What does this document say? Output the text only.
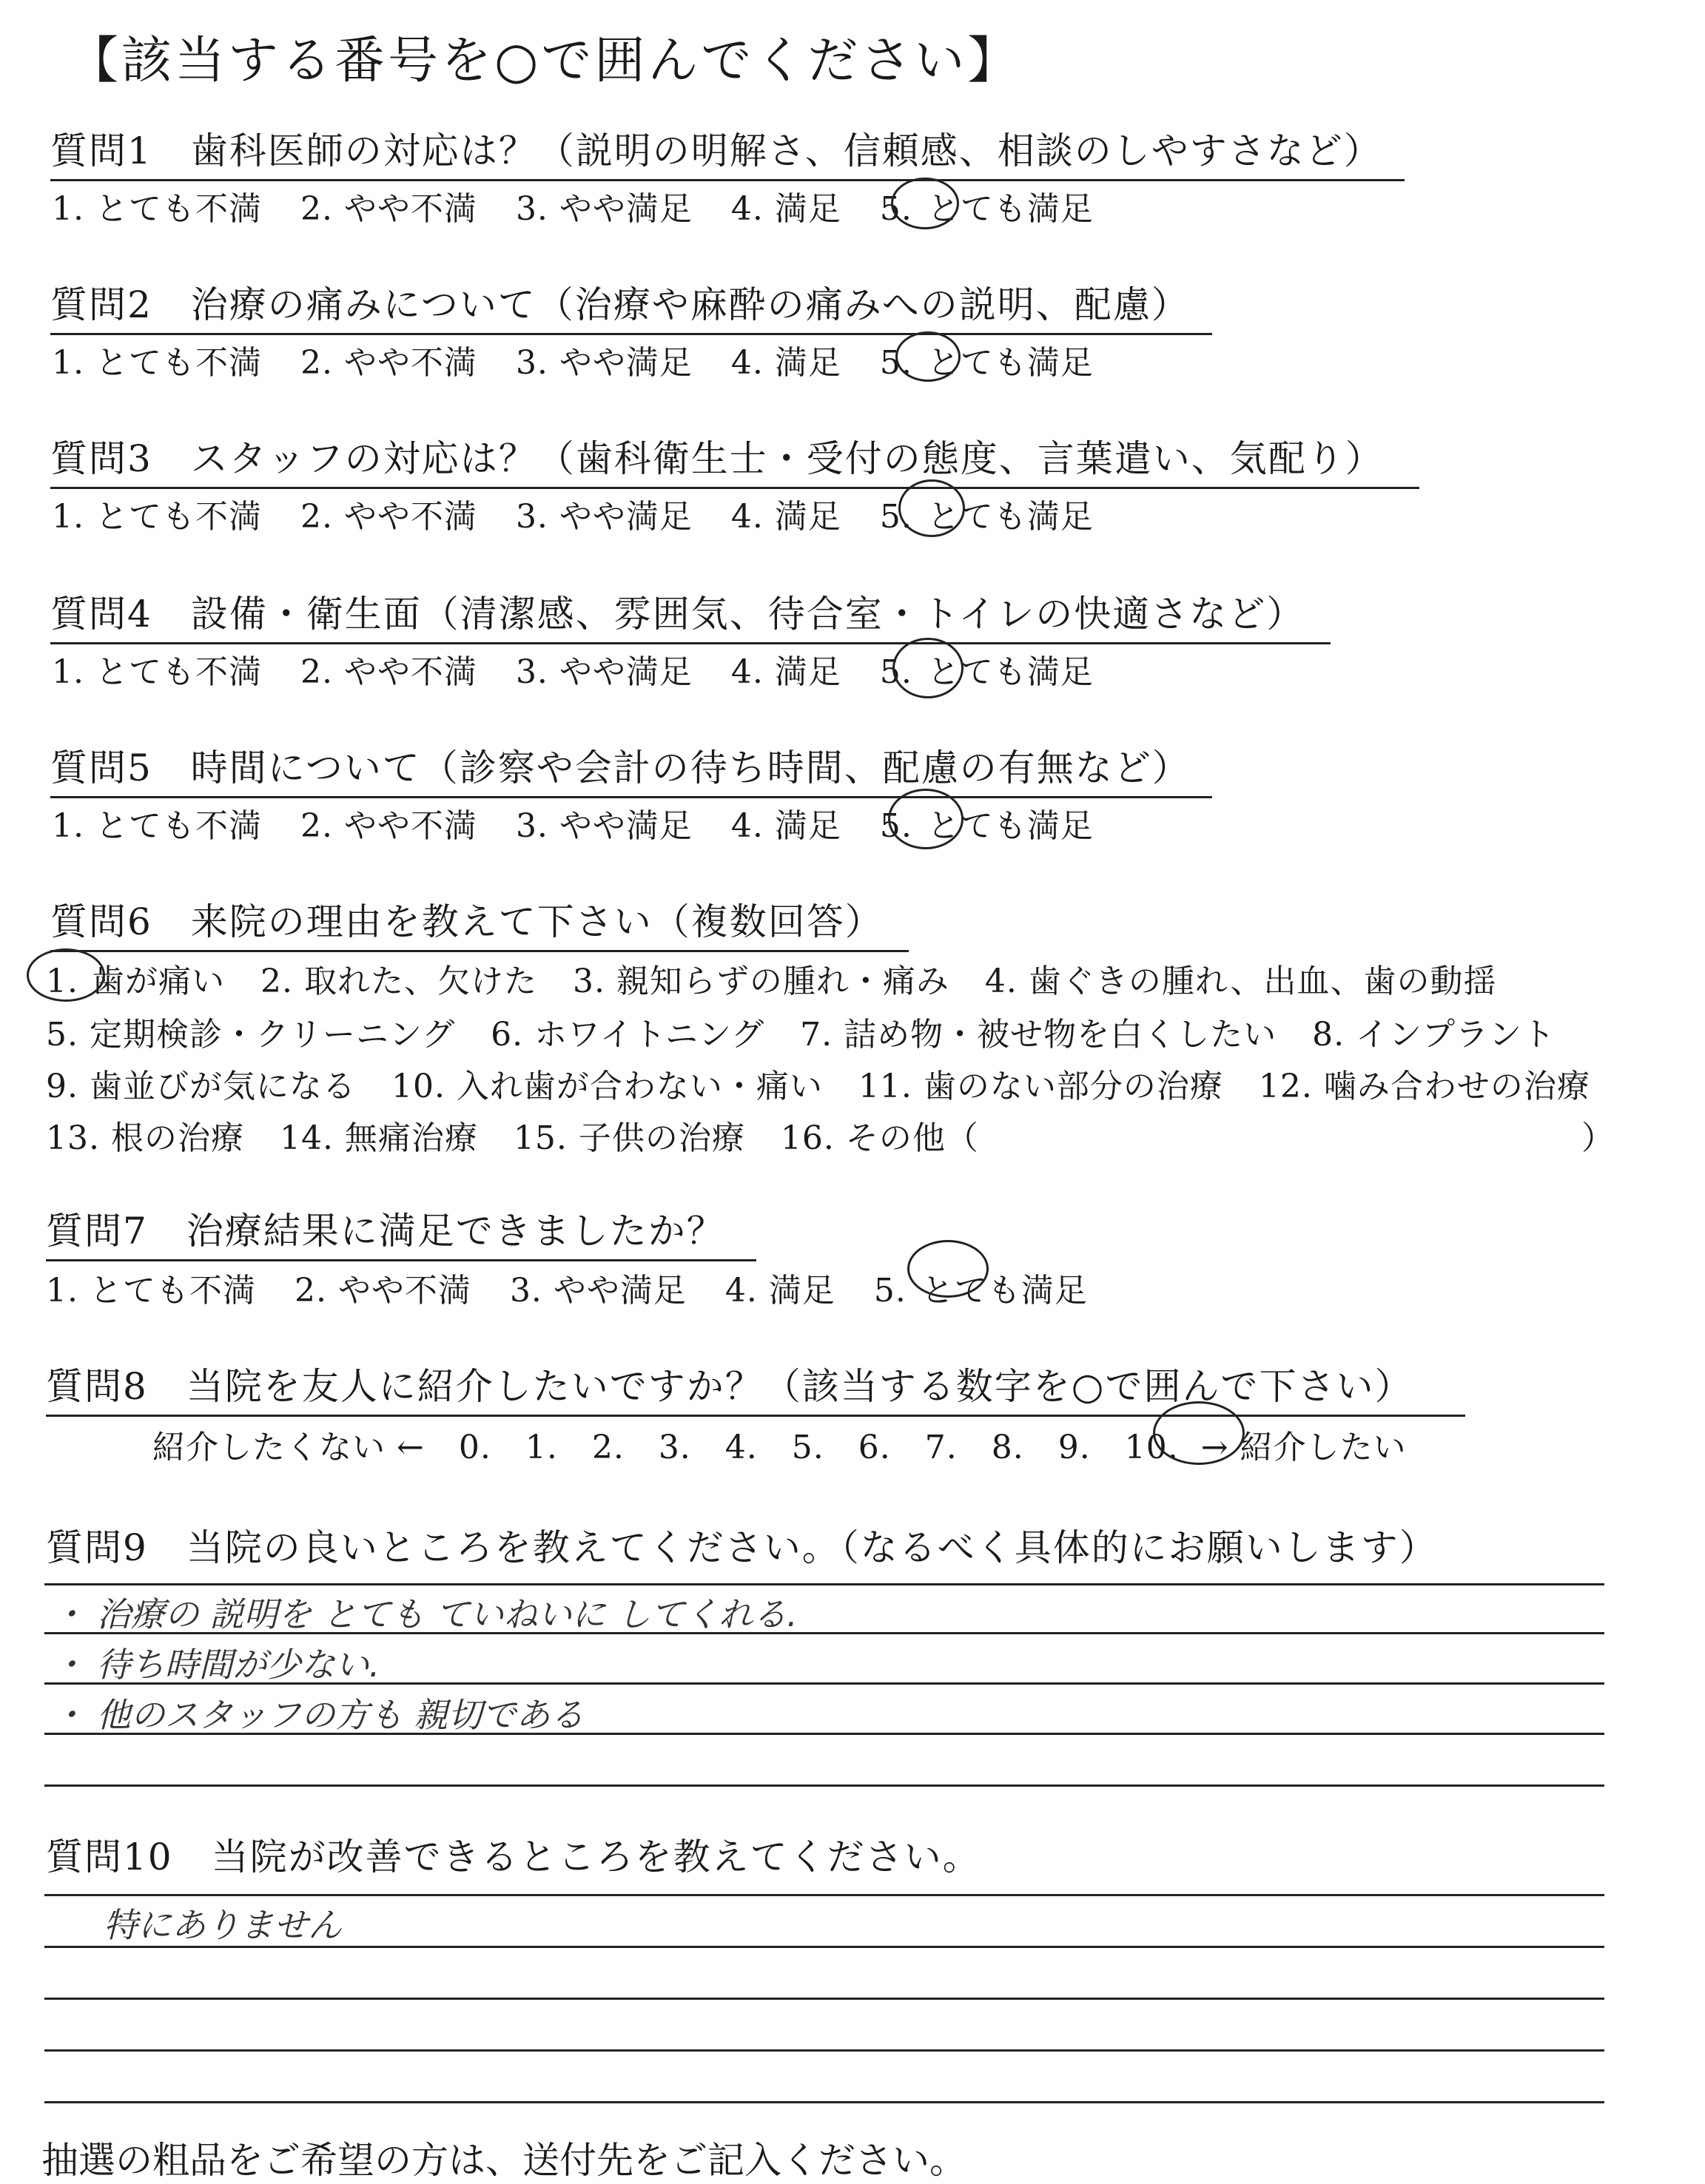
【該当する番号を○で囲んでください】
質問1　歯科医師の対応は？（説明の明解さ、信頼感、相談のしやすさなど）
1. とても不満 2. やや不満 3. やや満足 4. 満足 5. とても満足
質問2　治療の痛みについて（治療や麻酔の痛みへの説明、配慮）
1. とても不満 2. やや不満 3. やや満足 4. 満足 5. とても満足
質問3　スタッフの対応は？（歯科衛生士・受付の態度、言葉遣い、気配り）
1. とても不満 2. やや不満 3. やや満足 4. 満足 5. とても満足
質問4　設備・衛生面（清潔感、雰囲気、待合室・トイレの快適さなど）
1. とても不満 2. やや不満 3. やや満足 4. 満足 5. とても満足
質問5　時間について（診察や会計の待ち時間、配慮の有無など）
1. とても不満 2. やや不満 3. やや満足 4. 満足 5. とても満足
質問6　来院の理由を教えて下さい（複数回答）
1. 歯が痛い 2. 取れた、欠けた 3. 親知らずの腫れ・痛み 4. 歯ぐきの腫れ、出血、歯の動揺
5. 定期検診・クリーニング 6. ホワイトニング 7. 詰め物・被せ物を白くしたい 8. インプラント
9. 歯並びが気になる 10. 入れ歯が合わない・痛い 11. 歯のない部分の治療 12. 噛み合わせの治療
13. 根の治療 14. 無痛治療 15. 子供の治療 16. その他（	）
質問7　治療結果に満足できましたか？
1. とても不満 2. やや不満 3. やや満足 4. 満足 5. とても満足
質問8　当院を友人に紹介したいですか？（該当する数字を○で囲んで下さい）
紹介したくない ← 0. 1. 2. 3. 4. 5. 6. 7. 8. 9. 10. → 紹介したい
質問9　当院の良いところを教えてください。（なるべく具体的にお願いします）
・ 治療の 説明を とても ていねいに してくれる.
・ 待ち時間が少ない.
・ 他のスタッフの方も 親切である
質問10　当院が改善できるところを教えてください。
特にありません
抽選の粗品をご希望の方は、送付先をご記入ください。
